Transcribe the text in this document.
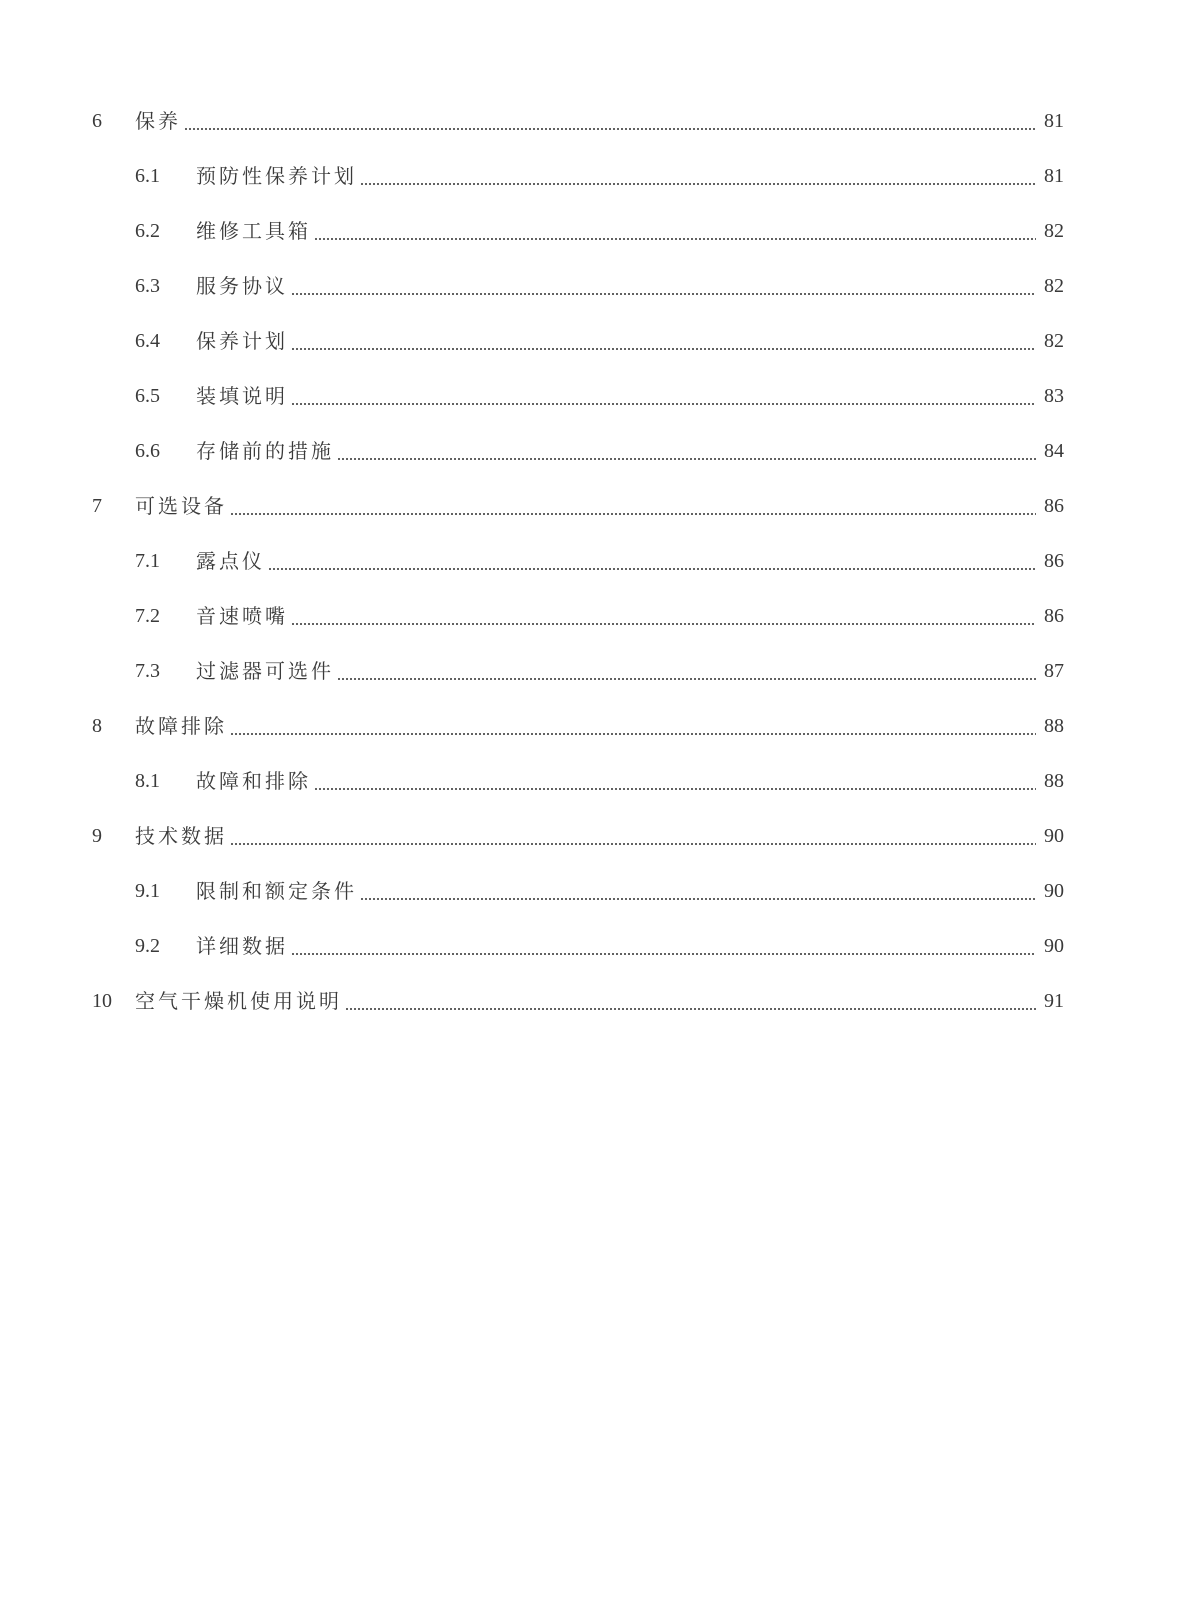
6 保养	81
6.1 预防性保养计划	81
6.2 维修工具箱	82
6.3 服务协议	82
6.4 保养计划	82
6.5 装填说明	83
6.6 存储前的措施	84
7 可选设备	86
7.1 露点仪	86
7.2 音速喷嘴	86
7.3 过滤器可选件	87
8 故障排除	88
8.1 故障和排除	88
9 技术数据	90
9.1 限制和额定条件	90
9.2 详细数据	90
10 空气干燥机使用说明	91
